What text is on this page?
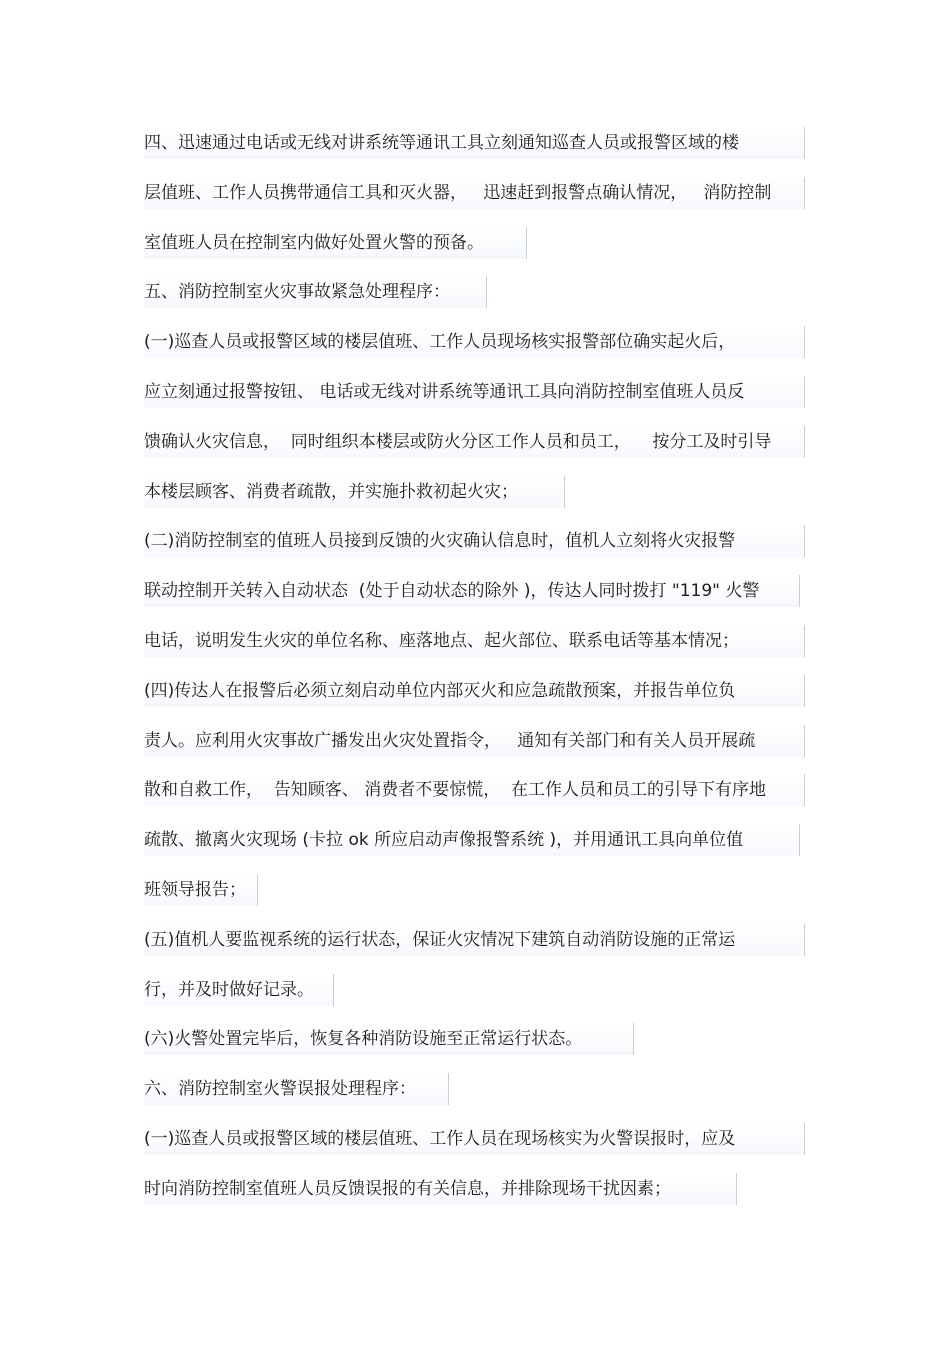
四、迅速通过电话或无线对讲系统等通讯工具立刻通知巡查人员或报警区域的楼
层值班、工作人员携带通信工具和灭火器，   迅速赶到报警点确认情况，   消防控制
室值班人员在控制室内做好处置火警的预备。
五、消防控制室火灾事故紧急处理程序：
(一)巡查人员或报警区域的楼层值班、工作人员现场核实报警部位确实起火后，
应立刻通过报警按钮、 电话或无线对讲系统等通讯工具向消防控制室值班人员反
馈确认火灾信息，  同时组织本楼层或防火分区工作人员和员工，    按分工及时引导
本楼层顾客、消费者疏散，并实施扑救初起火灾；
(二)消防控制室的值班人员接到反馈的火灾确认信息时，值机人立刻将火灾报警
联动控制开关转入自动状态  (处于自动状态的除外 )，传达人同时拨打 "119" 火警
电话，说明发生火灾的单位名称、座落地点、起火部位、联系电话等基本情况；
(四)传达人在报警后必须立刻启动单位内部灭火和应急疏散预案，并报告单位负
责人。应利用火灾事故广播发出火灾处置指令，   通知有关部门和有关人员开展疏
散和自救工作，  告知顾客、 消费者不要惊慌，  在工作人员和员工的引导下有序地
疏散、撤离火灾现场 (卡拉 ok 所应启动声像报警系统 )，并用通讯工具向单位值
班领导报告；
(五)值机人要监视系统的运行状态，保证火灾情况下建筑自动消防设施的正常运
行，并及时做好记录。
(六)火警处置完毕后，恢复各种消防设施至正常运行状态。
六、消防控制室火警误报处理程序：
(一)巡查人员或报警区域的楼层值班、工作人员在现场核实为火警误报时，应及
时向消防控制室值班人员反馈误报的有关信息，并排除现场干扰因素；
